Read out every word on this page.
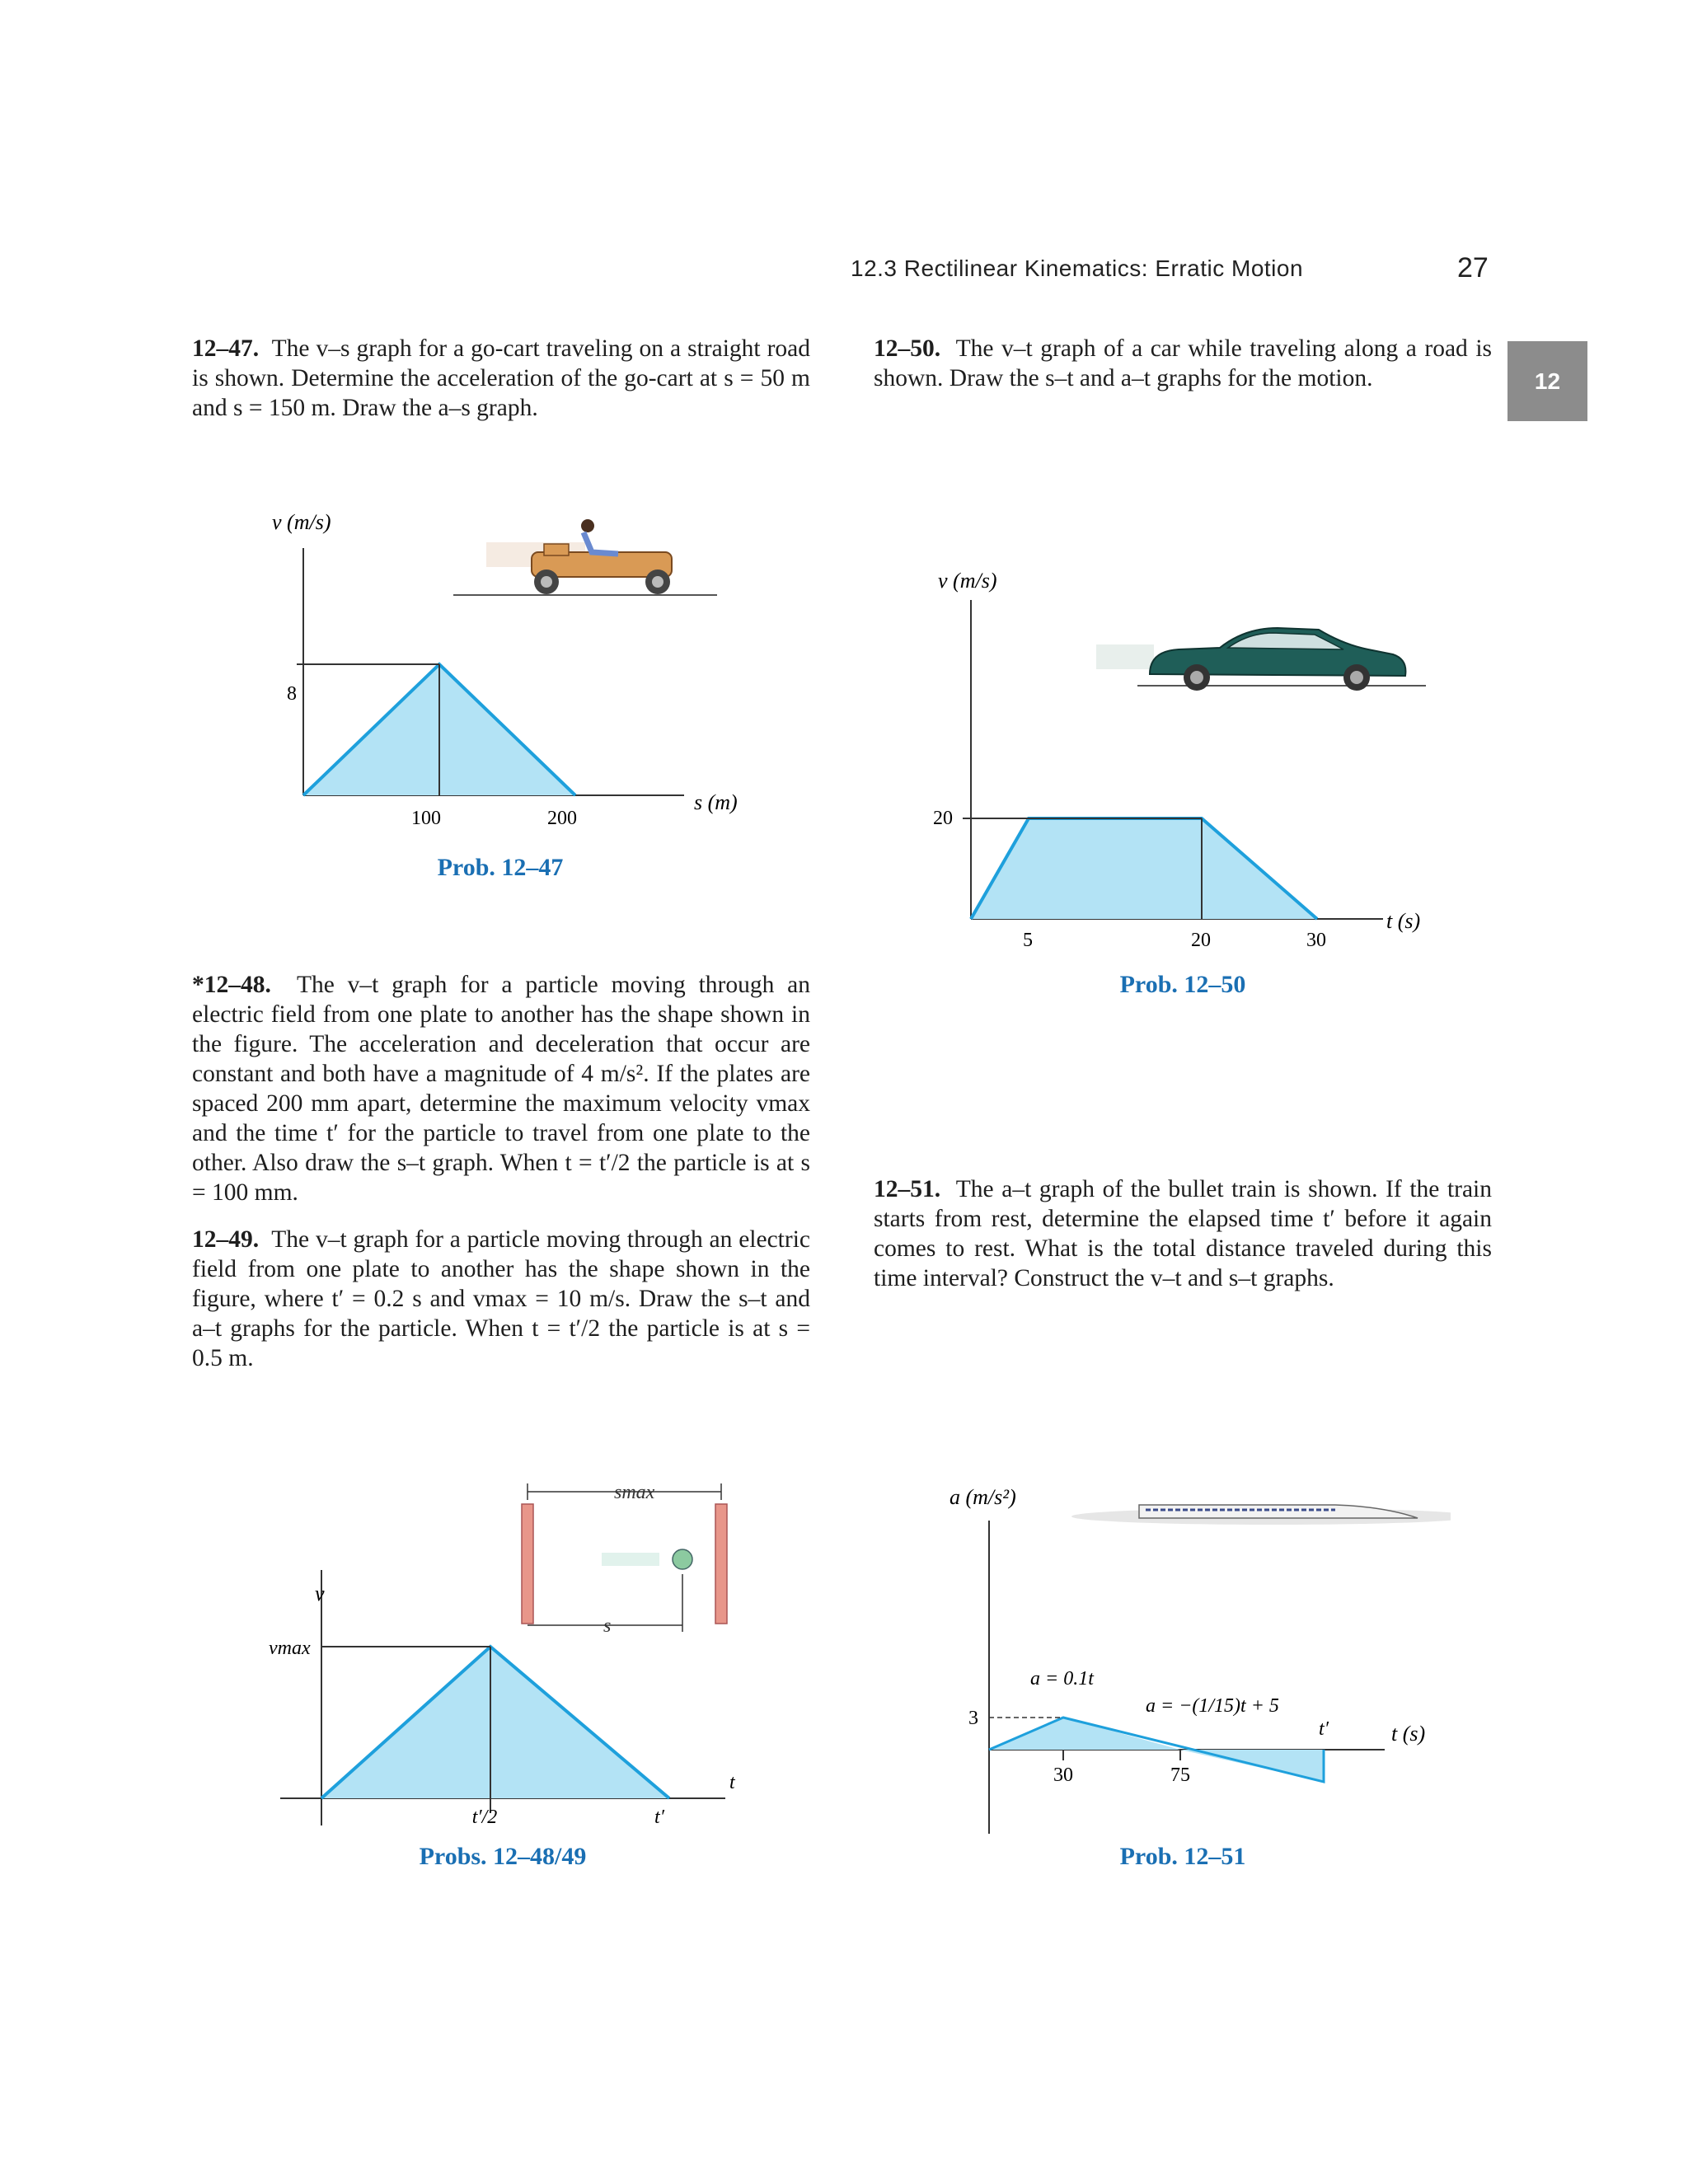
12.3 Rectilinear Kinematics: Erratic Motion	27
12
12–47. The v–s graph for a go-cart traveling on a straight road is shown. Determine the acceleration of the go-cart at s = 50 m and s = 150 m. Draw the a–s graph.
*12–48. The v–t graph for a particle moving through an electric field from one plate to another has the shape shown in the figure. The acceleration and deceleration that occur are constant and both have a magnitude of 4 m/s². If the plates are spaced 200 mm apart, determine the maximum velocity vmax and the time t′ for the particle to travel from one plate to the other. Also draw the s–t graph. When t = t′/2 the particle is at s = 100 mm.
12–49. The v–t graph for a particle moving through an electric field from one plate to another has the shape shown in the figure, where t′ = 0.2 s and vmax = 10 m/s. Draw the s–t and a–t graphs for the particle. When t = t′/2 the particle is at s = 0.5 m.
12–50. The v–t graph of a car while traveling along a road is shown. Draw the s–t and a–t graphs for the motion.
12–51. The a–t graph of the bullet train is shown. If the train starts from rest, determine the elapsed time t′ before it again comes to rest. What is the total distance traveled during this time interval? Construct the v–t and s–t graphs.
v (m/s)
s (m)
8
100	200
Prob. 12–47
smax
s
v
vmax
t
t′/2	t′
Probs. 12–48/49
v (m/s)
20
t (s)
5	20	30
Prob. 12–50
a (m/s²)
3
t (s)
30	75
t′
a = 0.1t
a = −(1/15)t + 5
Prob. 12–51
